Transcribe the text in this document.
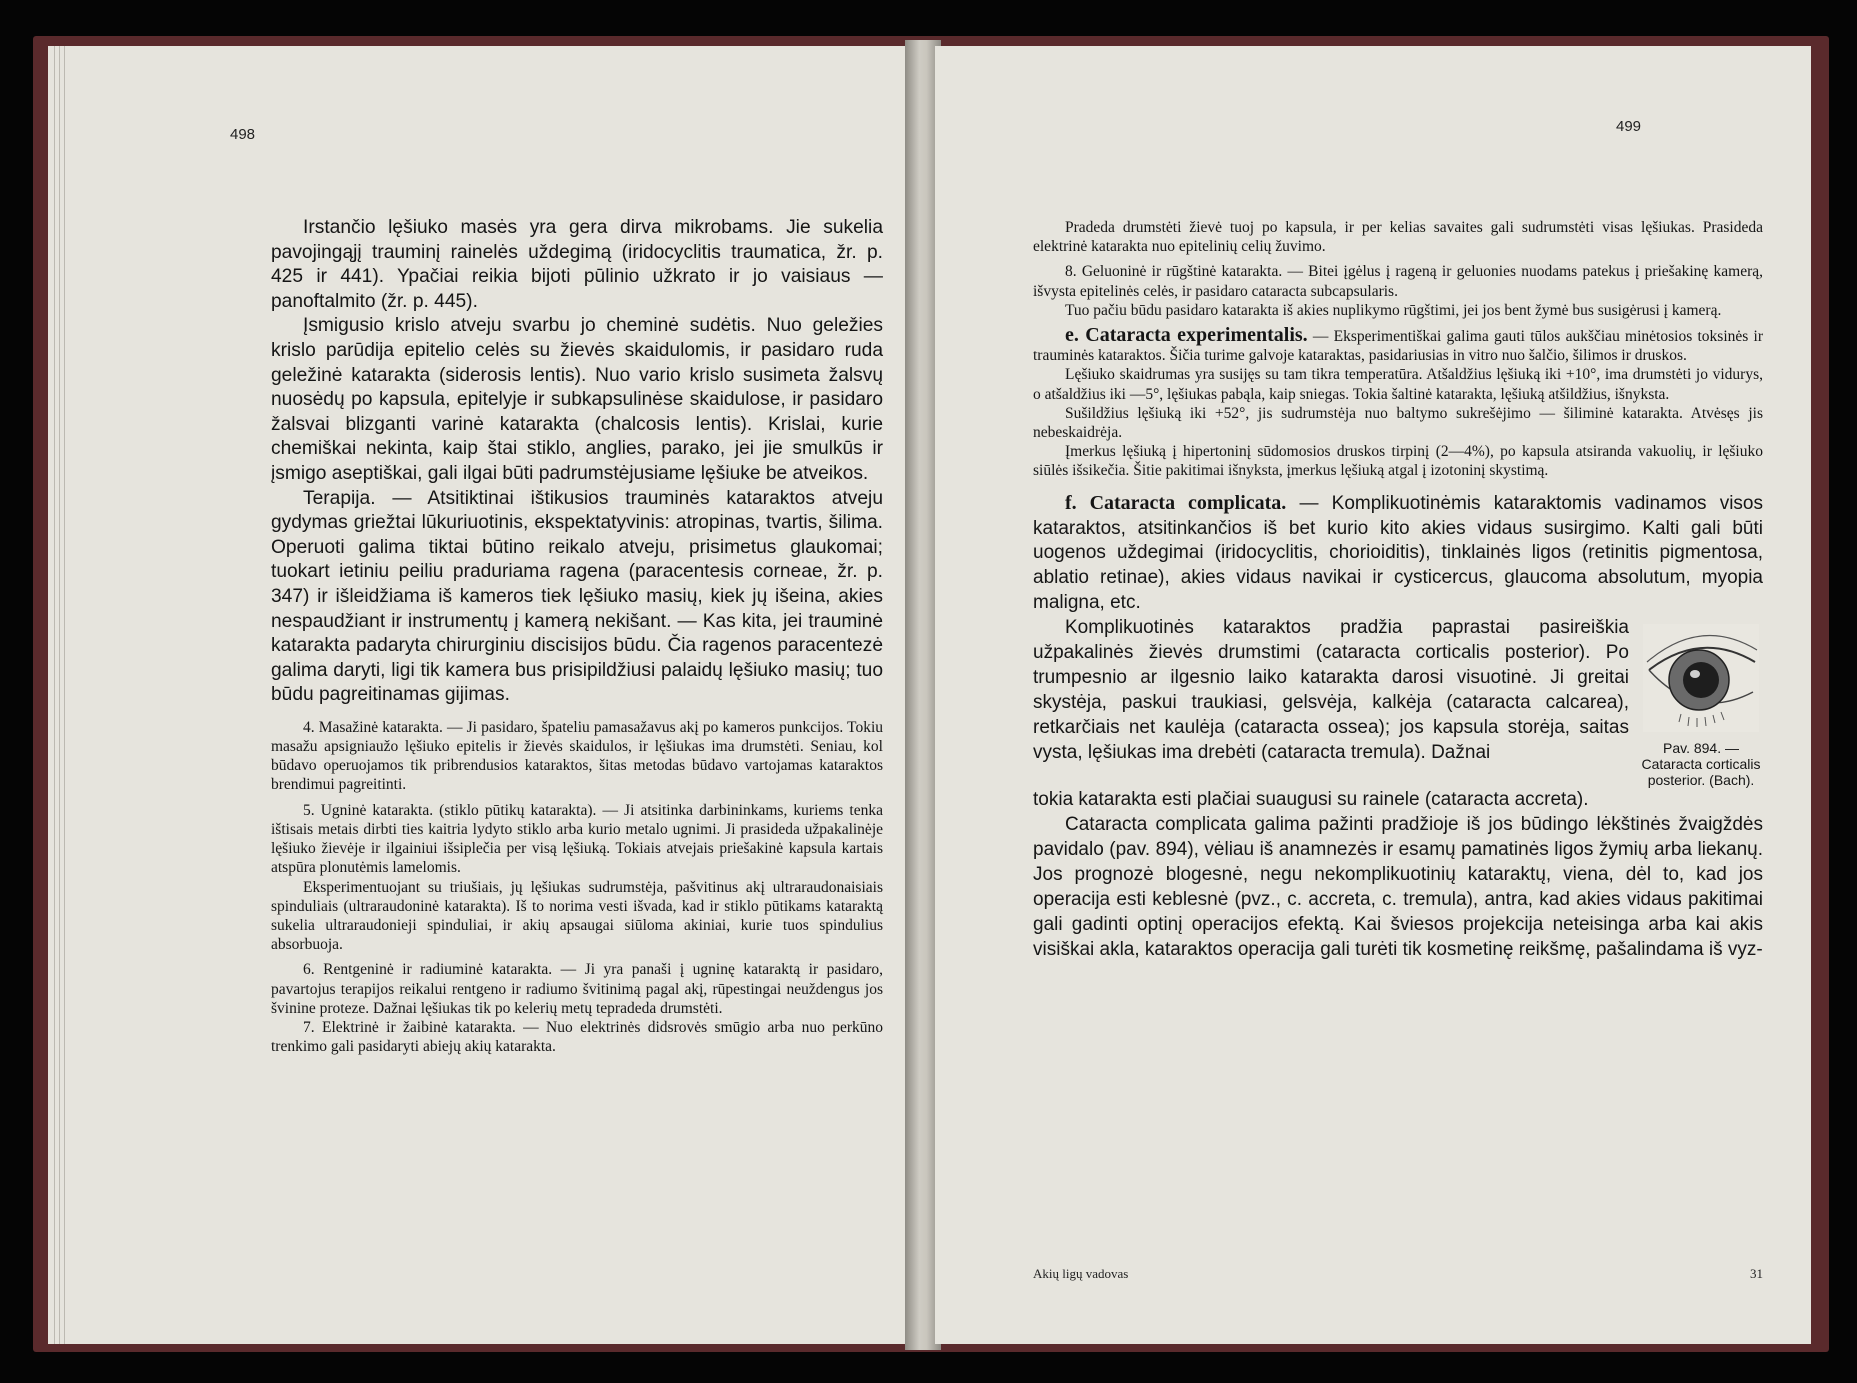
498

Irstančio lęšiuko masės yra gera dirva mikrobams. Jie sukelia pavojingąjį trauminį rainelės uždegimą (iridocyclitis traumatica, žr. p. 425 ir 441). Ypačiai reikia bijoti pūlinio užkrato ir jo vaisiaus — panoftalmito (žr. p. 445).

Įsmigusio krislo atveju svarbu jo cheminė sudėtis. Nuo geležies krislo parūdija epitelio celės su žievės skaidulomis, ir pasidaro ruda geležinė katarakta (siderosis lentis). Nuo vario krislo susimeta žalsvų nuosėdų po kapsula, epitelyje ir subkapsulinėse skaidulose, ir pasidaro žalsvai blizganti varinė katarakta (chalcosis lentis). Krislai, kurie chemiškai nekinta, kaip štai stiklo, anglies, parako, jei jie smulkūs ir įsmigo aseptiškai, gali ilgai būti padrumstėjusiame lęšiuke be atveikos.

Terapija. — Atsitiktinai ištikusios trauminės kataraktos atveju gydymas griežtai lūkuriuotinis, ekspektatyvinis: atropinas, tvartis, šilima. Operuoti galima tiktai būtino reikalo atveju, prisimetus glaukomai; tuokart ietiniu peiliu praduriama ragena (paracentesis corneae, žr. p. 347) ir išleidžiama iš kameros tiek lęšiuko masių, kiek jų išeina, akies nespaudžiant ir instrumentų į kamerą nekišant. — Kas kita, jei trauminė katarakta padaryta chirurginiu discisijos būdu. Čia ragenos paracentezė galima daryti, ligi tik kamera bus prisipildžiusi palaidų lęšiuko masių; tuo būdu pagreitinamas gijimas.

4. Masažinė katarakta. — Ji pasidaro, špateliu pamasažavus akį po kameros punkcijos. Tokiu masažu apsigniaužo lęšiuko epitelis ir žievės skaidulos, ir lęšiukas ima drumstėti. Seniau, kol būdavo operuojamos tik pribrendusios kataraktos, šitas metodas būdavo vartojamas kataraktos brendimui pagreitinti.

5. Ugninė katarakta. (stiklo pūtikų katarakta). — Ji atsitinka darbininkams, kuriems tenka ištisais metais dirbti ties kaitria lydyto stiklo arba kurio metalo ugnimi. Ji prasideda užpakalinėje lęšiuko žievėje ir ilgainiui išsiplečia per visą lęšiuką. Tokiais atvejais priešakinė kapsula kartais atspūra plonutėmis lamelomis.

Eksperimentuojant su triušiais, jų lęšiukas sudrumstėja, pašvitinus akį ultraraudonaisiais spinduliais (ultraraudoninė katarakta). Iš to norima vesti išvada, kad ir stiklo pūtikams kataraktą sukelia ultraraudonieji spinduliai, ir akių apsaugai siūloma akiniai, kurie tuos spindulius absorbuoja.

6. Rentgeninė ir radiuminė katarakta. — Ji yra panaši į ugninę kataraktą ir pasidaro, pavartojus terapijos reikalui rentgeno ir radiumo švitinimą pagal akį, rūpestingai neuždengus jos švinine proteze. Dažnai lęšiukas tik po kelerių metų tepradeda drumstėti.

7. Elektrinė ir žaibinė katarakta. — Nuo elektrinės didsrovės smūgio arba nuo perkūno trenkimo gali pasidaryti abiejų akių katarakta.

499

Pradeda drumstėti žievė tuoj po kapsula, ir per kelias savaites gali sudrumstėti visas lęšiukas. Prasideda elektrinė katarakta nuo epitelinių celių žuvimo.

8. Geluoninė ir rūgštinė katarakta. — Bitei įgėlus į rageną ir geluonies nuodams patekus į priešakinę kamerą, išvysta epitelinės celės, ir pasidaro cataracta subcapsularis.

Tuo pačiu būdu pasidaro katarakta iš akies nuplikymo rūgštimi, jei jos bent žymė bus susigėrusi į kamerą.

e. Cataracta experimentalis. — Eksperimentiškai galima gauti tūlos aukščiau minėtosios toksinės ir trauminės kataraktos. Šičia turime galvoje kataraktas, pasidariusias in vitro nuo šalčio, šilimos ir druskos.

Lęšiuko skaidrumas yra susijęs su tam tikra temperatūra. Atšaldžius lęšiuką iki +10°, ima drumstėti jo vidurys, o atšaldžius iki —5°, lęšiukas pabąla, kaip sniegas. Tokia šaltinė katarakta, lęšiuką atšildžius, išnyksta.

Sušildžius lęšiuką iki +52°, jis sudrumstėja nuo baltymo sukrešėjimo — šiliminė katarakta. Atvėsęs jis nebeskaidrėja.

Įmerkus lęšiuką į hipertoninį sūdomosios druskos tirpinį (2—4%), po kapsula atsiranda vakuolių, ir lęšiuko siūlės išsikečia. Šitie pakitimai išnyksta, įmerkus lęšiuką atgal į izotoninį skystimą.

f. Cataracta complicata. — Komplikuotinėmis kataraktomis vadinamos visos kataraktos, atsitinkančios iš bet kurio kito akies vidaus susirgimo. Kalti gali būti uogenos uždegimai (iridocyclitis, chorioiditis), tinklainės ligos (retinitis pigmentosa, ablatio retinae), akies vidaus navikai ir cysticercus, glaucoma absolutum, myopia maligna, etc.

Komplikuotinės kataraktos pradžia paprastai pasireiškia užpakalinės žievės drumstimi (cataracta corticalis posterior). Po trumpesnio ar ilgesnio laiko katarakta darosi visuotinė. Ji greitai skystėja, paskui traukiasi, gelsvėja, kalkėja (cataracta calcarea), retkarčiais net kaulėja (cataracta ossea); jos kapsula storėja, saitas vysta, lęšiukas ima drebėti (cataracta tremula). Dažnai	Pav. 894. — Cataracta corticalis posterior. (Bach).

tokia katarakta esti plačiai suaugusi su rainele (cataracta accreta).

Cataracta complicata galima pažinti pradžioje iš jos būdingo lėkštinės žvaigždės pavidalo (pav. 894), vėliau iš anamnezės ir esamų pamatinės ligos žymių arba liekanų. Jos prognozė blogesnė, negu nekomplikuotinių kataraktų, viena, dėl to, kad jos operacija esti keblesnė (pvz., c. accreta, c. tremula), antra, kad akies vidaus pakitimai gali gadinti optinį operacijos efektą. Kai šviesos projekcija neteisinga arba kai akis visiškai akla, kataraktos operacija gali turėti tik kosmetinę reikšmę, pašalindama iš vyz-

Akių ligų vadovas	31
